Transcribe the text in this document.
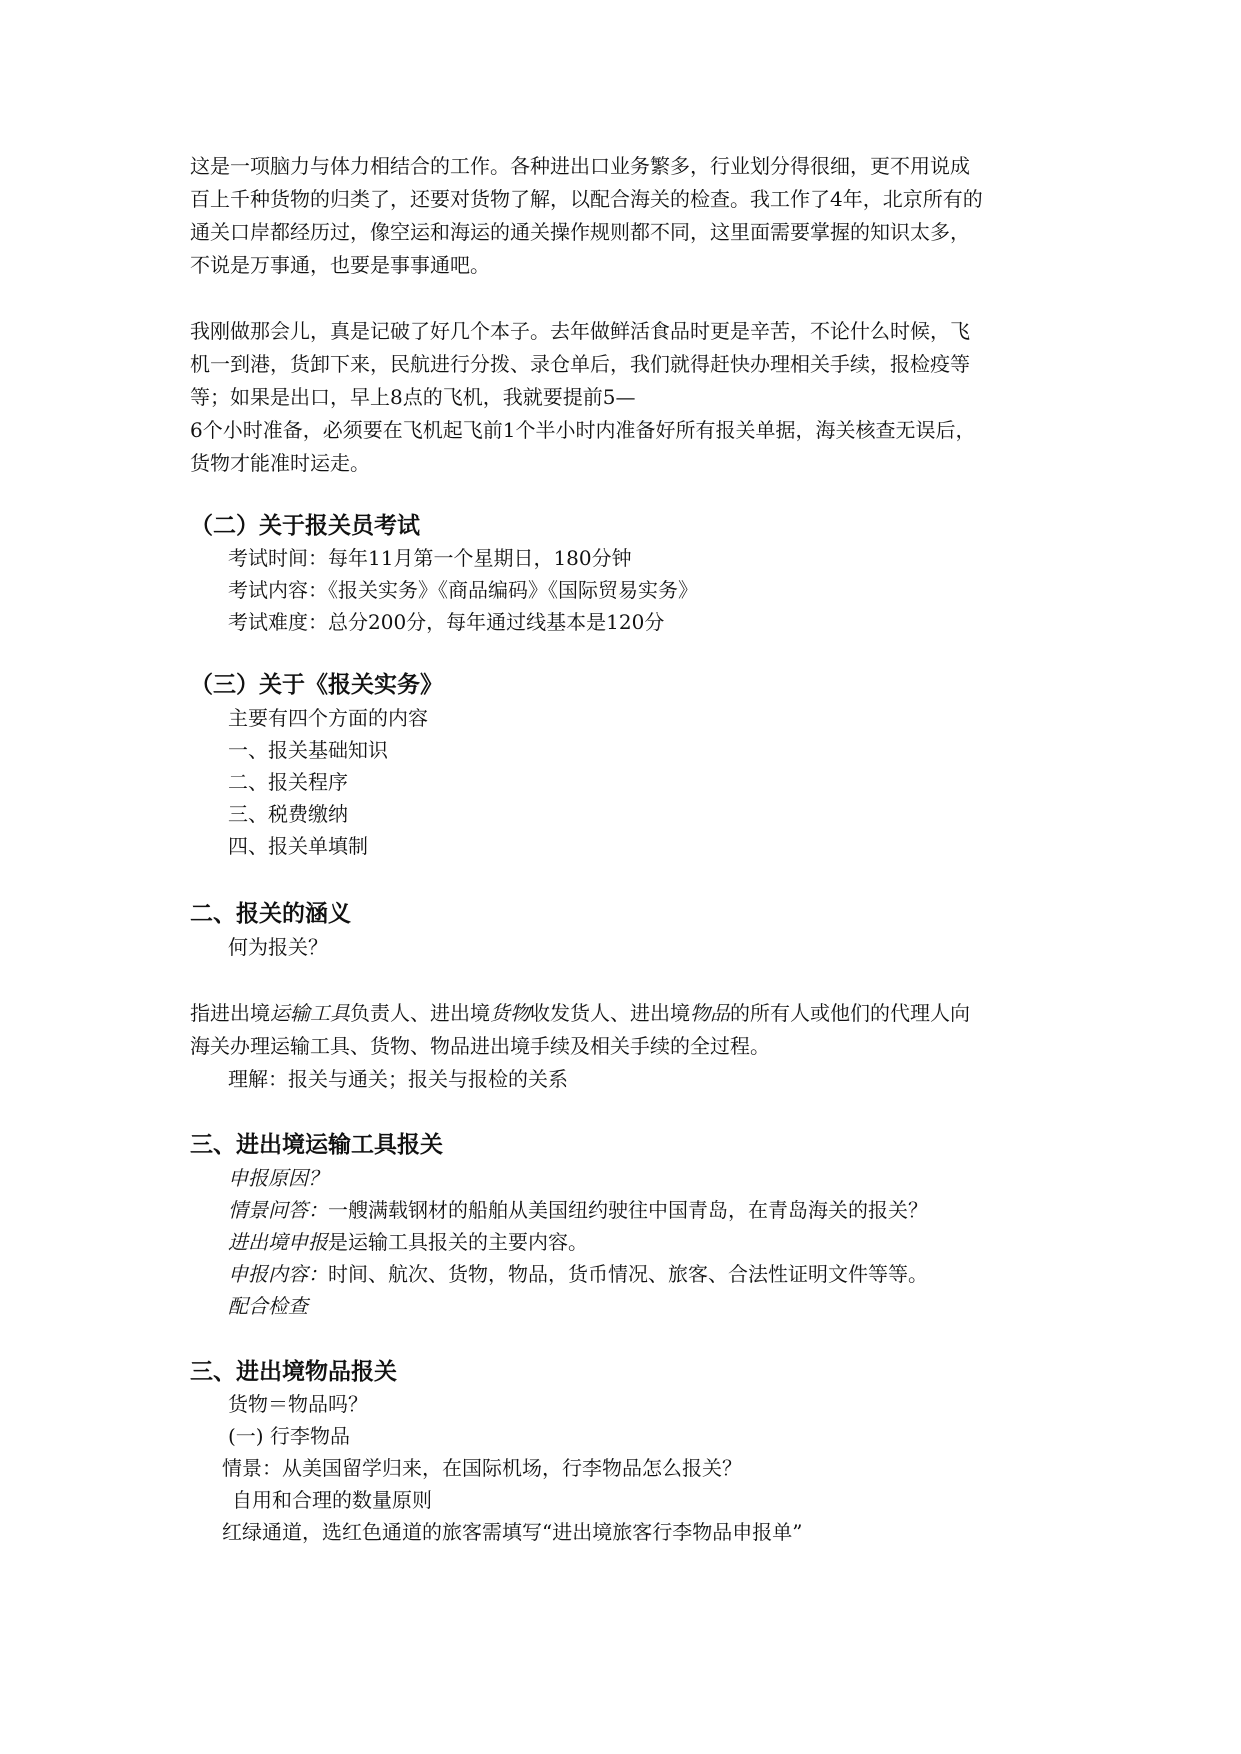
这是一项脑力与体力相结合的工作。各种进出口业务繁多，行业划分得很细，更不用说成
百上千种货物的归类了，还要对货物了解，以配合海关的检查。我工作了4年，北京所有的
通关口岸都经历过，像空运和海运的通关操作规则都不同，这里面需要掌握的知识太多，
不说是万事通，也要是事事通吧。

我刚做那会儿，真是记破了好几个本子。去年做鲜活食品时更是辛苦，不论什么时候，飞
机一到港，货卸下来，民航进行分拨、录仓单后，我们就得赶快办理相关手续，报检疫等
等；如果是出口，早上8点的飞机，我就要提前5—
6个小时准备，必须要在飞机起飞前1个半小时内准备好所有报关单据，海关核查无误后，
货物才能准时运走。

（二）关于报关员考试

考试时间：每年11月第一个星期日，180分钟

考试内容：《报关实务》《商品编码》《国际贸易实务》

考试难度：总分200分，每年通过线基本是120分

（三）关于《报关实务》

主要有四个方面的内容

一、报关基础知识

二、报关程序

三、税费缴纳

四、报关单填制

二、报关的涵义

何为报关？

指进出境运输工具负责人、进出境货物收发货人、进出境物品的所有人或他们的代理人向

海关办理运输工具、货物、物品进出境手续及相关手续的全过程。

理解：报关与通关；报关与报检的关系

三、进出境运输工具报关

申报原因？

情景问答：一艘满载钢材的船舶从美国纽约驶往中国青岛，在青岛海关的报关？

进出境申报是运输工具报关的主要内容。

申报内容：时间、航次、货物，物品，货币情况、旅客、合法性证明文件等等。

配合检查

三、进出境物品报关

货物＝物品吗？

(一) 行李物品

情景：从美国留学归来，在国际机场，行李物品怎么报关？

自用和合理的数量原则

红绿通道，选红色通道的旅客需填写“进出境旅客行李物品申报单”
